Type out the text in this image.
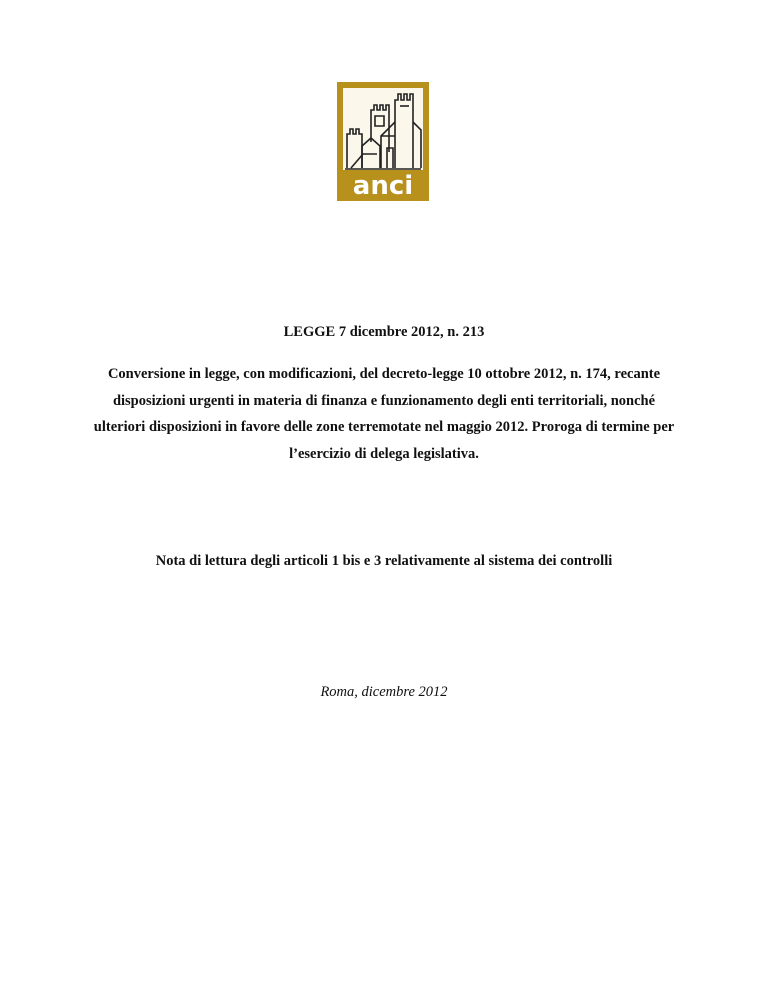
anci

LEGGE 7 dicembre 2012, n. 213

Conversione in legge, con modificazioni, del decreto-legge 10 ottobre 2012, n. 174, recante
disposizioni urgenti in materia di finanza e funzionamento degli enti territoriali, nonché
ulteriori disposizioni in favore delle zone terremotate nel maggio 2012. Proroga di termine per
l’esercizio di delega legislativa.

Nota di lettura degli articoli 1 bis e 3 relativamente al sistema dei controlli

Roma, dicembre 2012
